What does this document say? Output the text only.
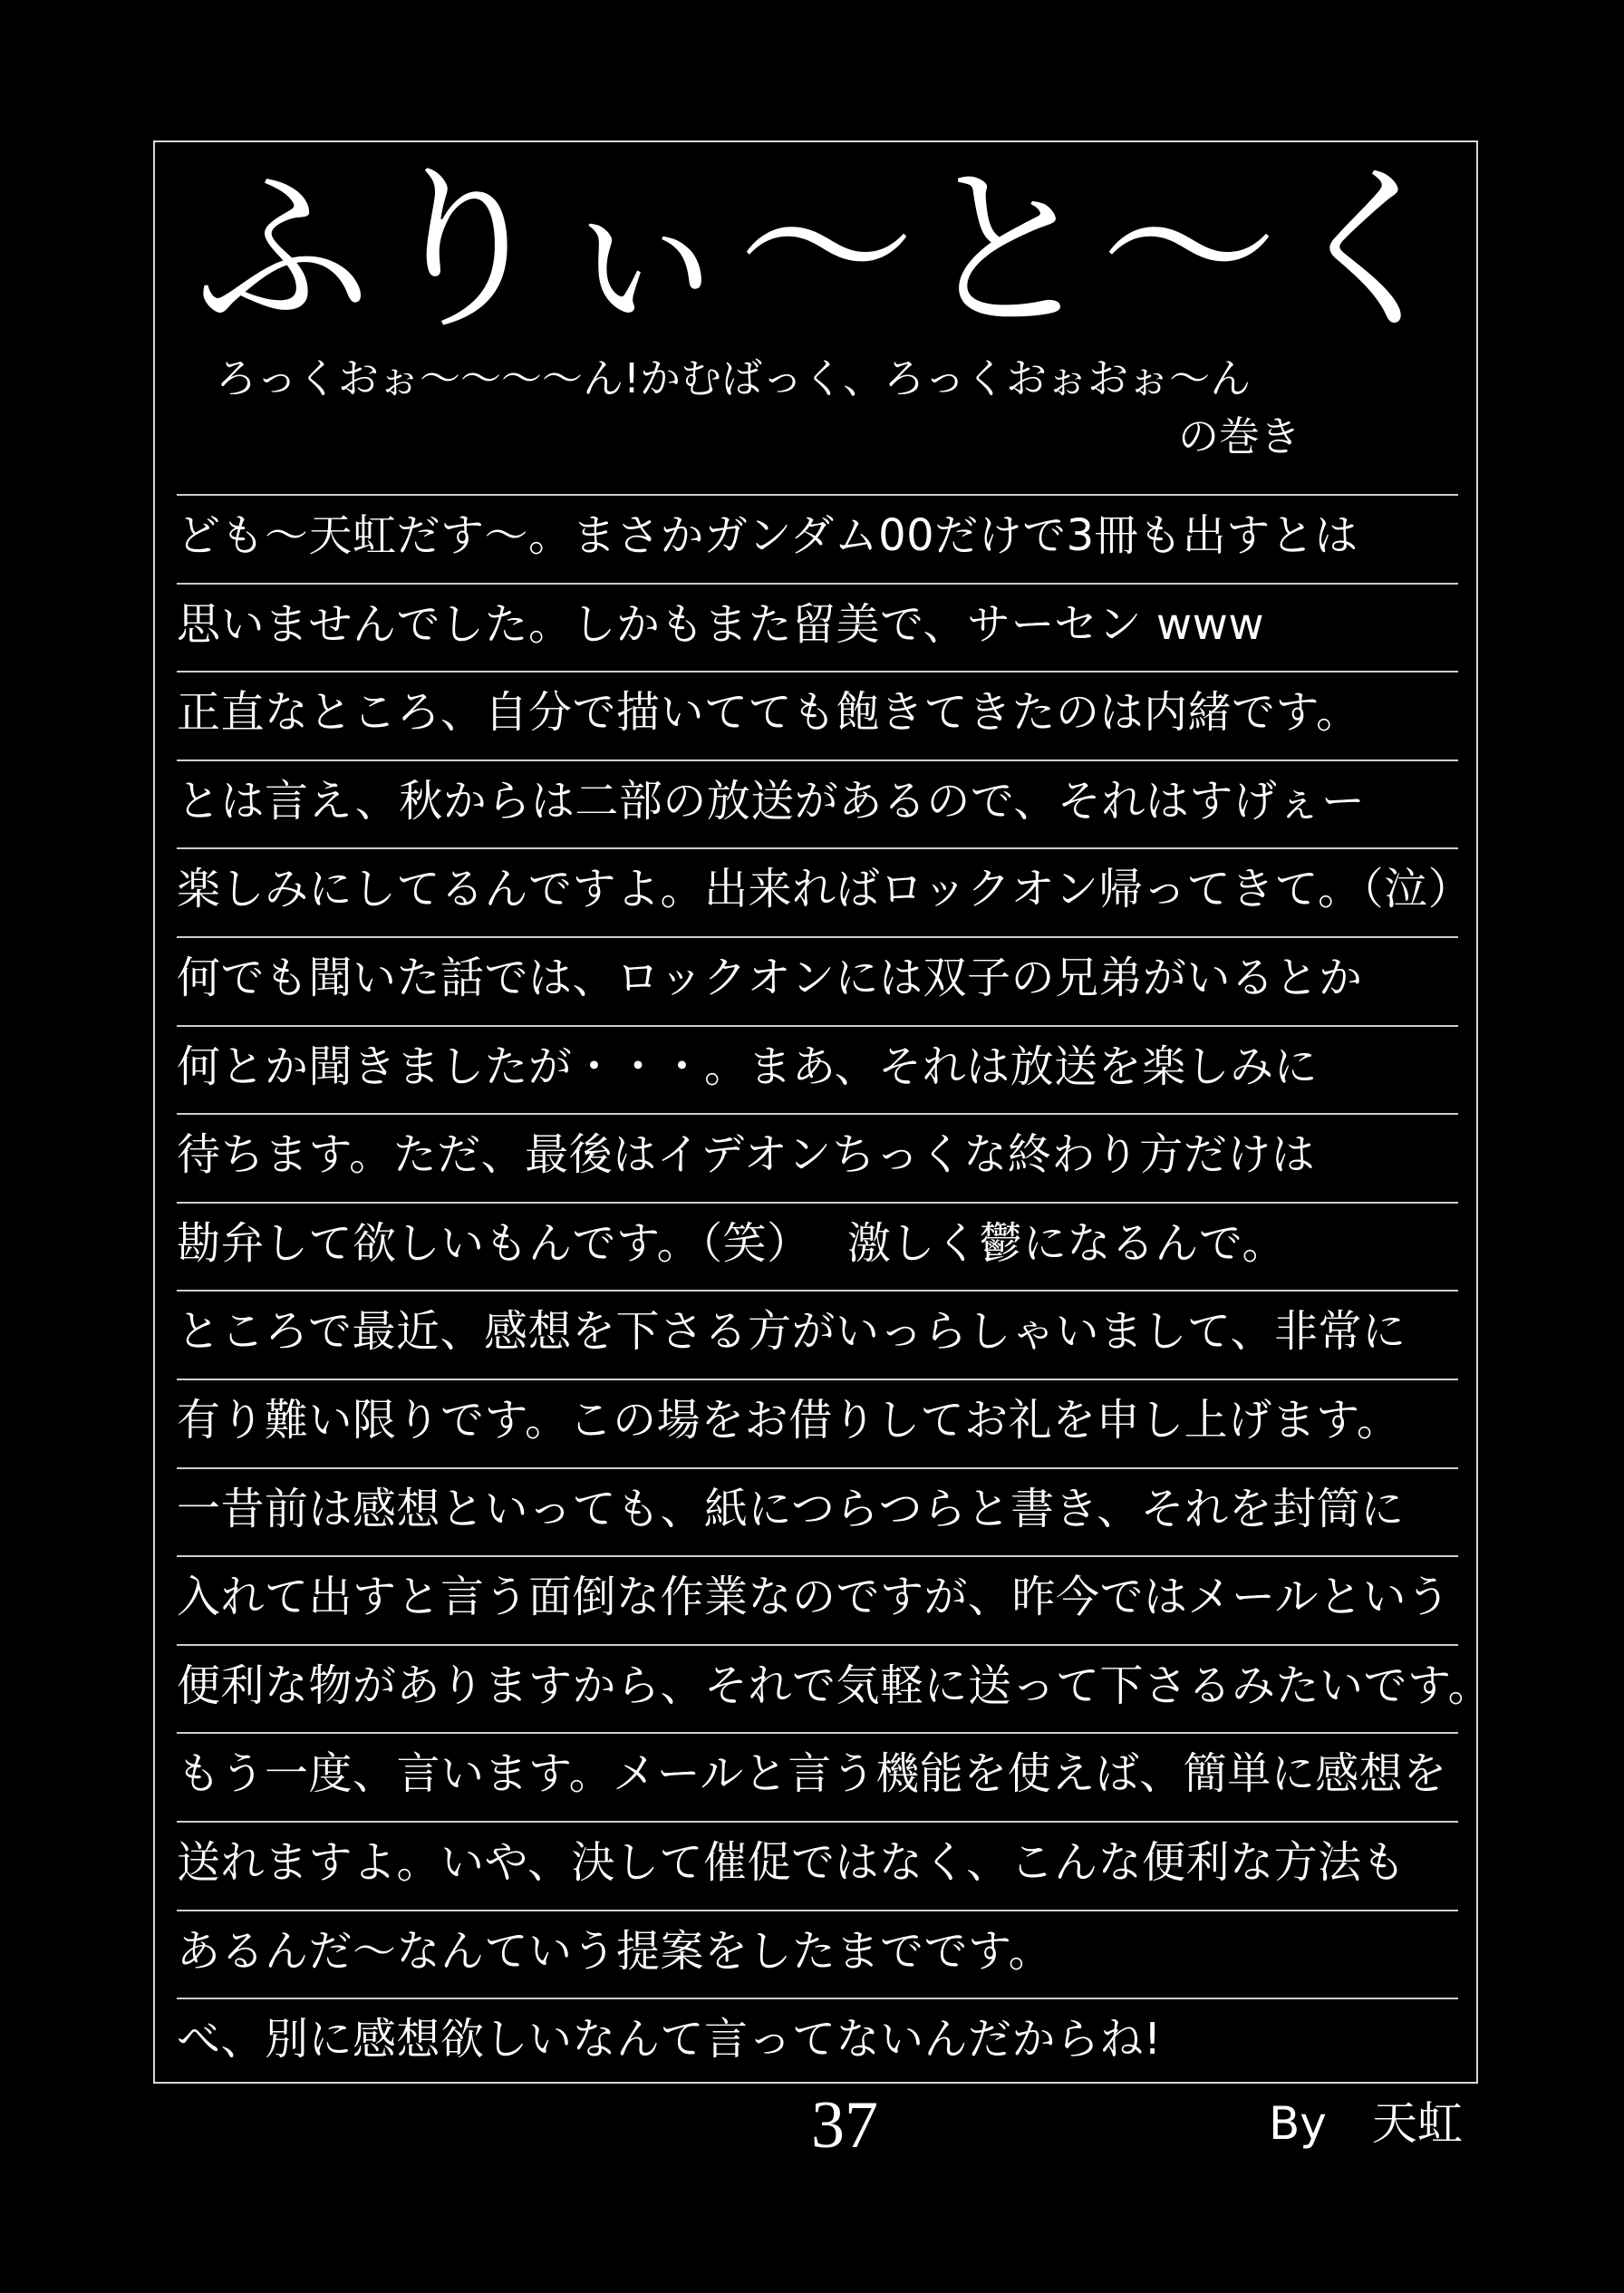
ふりぃ～と～く
ろっくおぉ～～～～ん!かむばっく、ろっくおぉおぉ～ん
の巻き
ども～天虹だす～。まさかガンダム00だけで3冊も出すとは
思いませんでした。しかもまた留美で、サーセン www
正直なところ、自分で描いてても飽きてきたのは内緒です。
とは言え、秋からは二部の放送があるので、それはすげぇー
楽しみにしてるんですよ。出来ればロックオン帰ってきて。（泣）
何でも聞いた話では、ロックオンには双子の兄弟がいるとか
何とか聞きましたが・・・。まあ、それは放送を楽しみに
待ちます。ただ、最後はイデオンちっくな終わり方だけは
勘弁して欲しいもんです。（笑）　 激しく鬱になるんで。
ところで最近、感想を下さる方がいっらしゃいまして、非常に
有り難い限りです。この場をお借りしてお礼を申し上げます。
一昔前は感想といっても、紙につらつらと書き、それを封筒に
入れて出すと言う面倒な作業なのですが、昨今ではメールという
便利な物がありますから、それで気軽に送って下さるみたいです。
もう一度、言います。メールと言う機能を使えば、簡単に感想を
送れますよ。いや、決して催促ではなく、こんな便利な方法も
あるんだ～なんていう提案をしたまでです。
べ、別に感想欲しいなんて言ってないんだからね!
37	By　天虹
